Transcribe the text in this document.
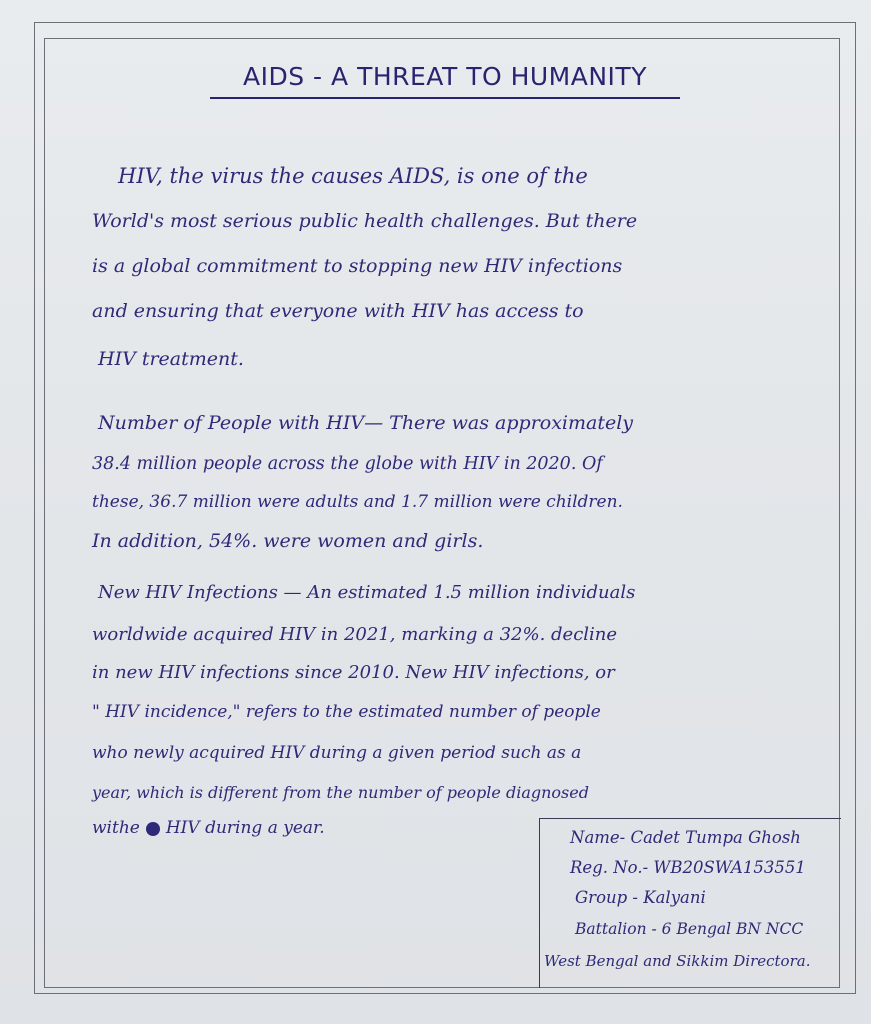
AIDS - A THREAT TO HUMANITY
HIV, the virus the causes AIDS, is one of the
World's most serious public health challenges. But there
is a global commitment to stopping new HIV infections
and ensuring that everyone with HIV has access to
HIV treatment.
Number of People with HIV— There was approximately
38.4 million people across the globe with HIV in 2020. Of
these, 36.7 million were adults and 1.7 million were children.
In addition, 54%. were women and girls.
New HIV Infections — An estimated 1.5 million individuals
worldwide acquired HIV in 2021, marking a 32%. decline
in new HIV infections since 2010. New HIV infections, or
" HIV incidence," refers to the estimated number of people
who newly acquired HIV during a given period such as a
year, which is different from the number of people diagnosed
withe HIV during a year.	Name- Cadet Tumpa Ghosh
Reg. No.- WB20SWA153551
Group - Kalyani
Battalion - 6 Bengal BN NCC
West Bengal and Sikkim Directora.
